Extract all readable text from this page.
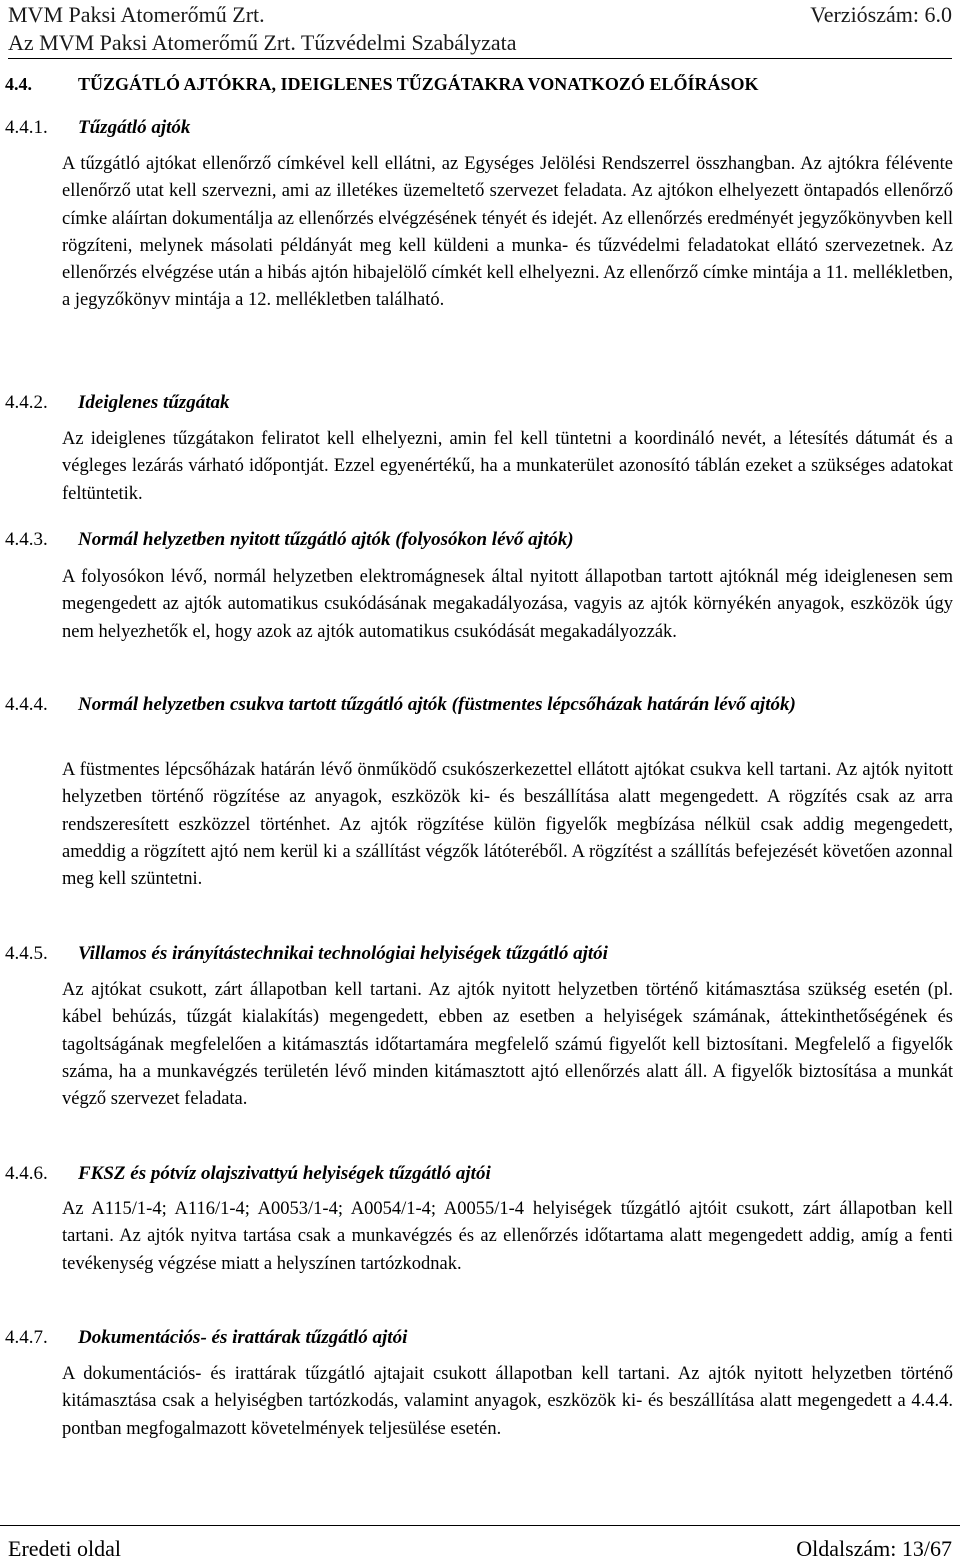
MVM Paksi Atomerőmű Zrt.	Verziószám: 6.0
Az MVM Paksi Atomerőmű Zrt. Tűzvédelmi Szabályzata
4.4.	TŰZGÁTLÓ AJTÓKRA, IDEIGLENES TŰZGÁTAKRA VONATKOZÓ ELŐÍRÁSOK
4.4.1. Tűzgátló ajtók
A tűzgátló ajtókat ellenőrző címkével kell ellátni, az Egységes Jelölési Rendszerrel összhangban. Az ajtókra félévente ellenőrző utat kell szervezni, ami az illetékes üzemeltető szervezet feladata. Az ajtókon elhelyezett öntapadós ellenőrző címke aláírtan dokumentálja az ellenőrzés elvégzésének tényét és idejét. Az ellenőrzés eredményét jegyzőkönyvben kell rögzíteni, melynek másolati példányát meg kell küldeni a munka- és tűzvédelmi feladatokat ellátó szervezetnek. Az ellenőrzés elvégzése után a hibás ajtón hibajelölő címkét kell elhelyezni. Az ellenőrző címke mintája a 11. mellékletben, a jegyzőkönyv mintája a 12. mellékletben található.
4.4.2. Ideiglenes tűzgátak
Az ideiglenes tűzgátakon feliratot kell elhelyezni, amin fel kell tüntetni a koordináló nevét, a létesítés dátumát és a végleges lezárás várható időpontját. Ezzel egyenértékű, ha a munkaterület azonosító táblán ezeket a szükséges adatokat feltüntetik.
4.4.3. Normál helyzetben nyitott tűzgátló ajtók (folyosókon lévő ajtók)
A folyosókon lévő, normál helyzetben elektromágnesek által nyitott állapotban tartott ajtóknál még ideiglenesen sem megengedett az ajtók automatikus csukódásának megakadályozása, vagyis az ajtók környékén anyagok, eszközök úgy nem helyezhetők el, hogy azok az ajtók automatikus csukódását megakadályozzák.
4.4.4. Normál helyzetben csukva tartott tűzgátló ajtók (füstmentes lépcsőházak határán lévő ajtók)
A füstmentes lépcsőházak határán lévő önműködő csukószerkezettel ellátott ajtókat csukva kell tartani. Az ajtók nyitott helyzetben történő rögzítése az anyagok, eszközök ki- és beszállítása alatt megengedett. A rögzítés csak az arra rendszeresített eszközzel történhet. Az ajtók rögzítése külön figyelők megbízása nélkül csak addig megengedett, ameddig a rögzített ajtó nem kerül ki a szállítást végzők látóteréből. A rögzítést a szállítás befejezését követően azonnal meg kell szüntetni.
4.4.5. Villamos és irányítástechnikai technológiai helyiségek tűzgátló ajtói
Az ajtókat csukott, zárt állapotban kell tartani. Az ajtók nyitott helyzetben történő kitámasztása szükség esetén (pl. kábel behúzás, tűzgát kialakítás) megengedett, ebben az esetben a helyiségek számának, áttekinthetőségének és tagoltságának megfelelően a kitámasztás időtartamára megfelelő számú figyelőt kell biztosítani. Megfelelő a figyelők száma, ha a munkavégzés területén lévő minden kitámasztott ajtó ellenőrzés alatt áll. A figyelők biztosítása a munkát végző szervezet feladata.
4.4.6. FKSZ és pótvíz olajszivattyú helyiségek tűzgátló ajtói
Az A115/1-4; A116/1-4; A0053/1-4; A0054/1-4; A0055/1-4 helyiségek tűzgátló ajtóit csukott, zárt állapotban kell tartani. Az ajtók nyitva tartása csak a munkavégzés és az ellenőrzés időtartama alatt megengedett addig, amíg a fenti tevékenység végzése miatt a helyszínen tartózkodnak.
4.4.7. Dokumentációs- és irattárak tűzgátló ajtói
A dokumentációs- és irattárak tűzgátló ajtajait csukott állapotban kell tartani. Az ajtók nyitott helyzetben történő kitámasztása csak a helyiségben tartózkodás, valamint anyagok, eszközök ki- és beszállítása alatt megengedett a 4.4.4. pontban megfogalmazott követelmények teljesülése esetén.
Eredeti oldal	Oldalszám: 13/67
